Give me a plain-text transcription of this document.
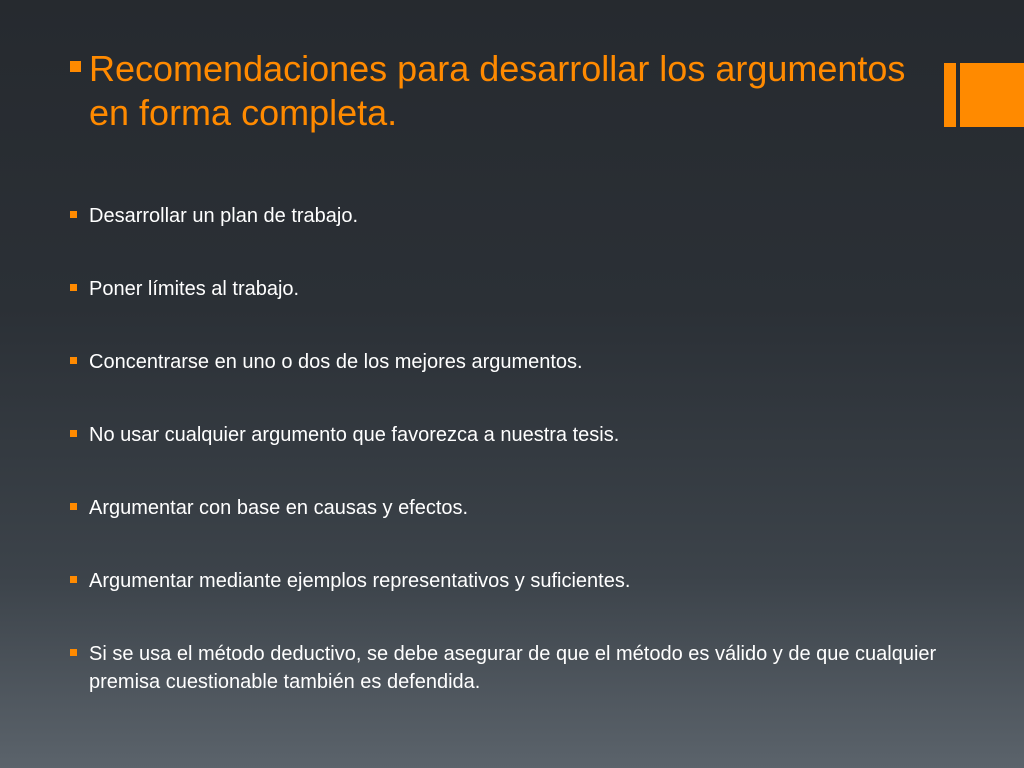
Recomendaciones para desarrollar los argumentos en forma completa.
Desarrollar un plan de trabajo.
Poner límites al trabajo.
Concentrarse en uno o dos de los mejores argumentos.
No usar cualquier argumento que favorezca a nuestra tesis.
Argumentar con base en causas y efectos.
Argumentar mediante ejemplos representativos y suficientes.
Si se usa el método deductivo, se debe asegurar de que el método es válido y de que cualquier premisa cuestionable también es defendida.
